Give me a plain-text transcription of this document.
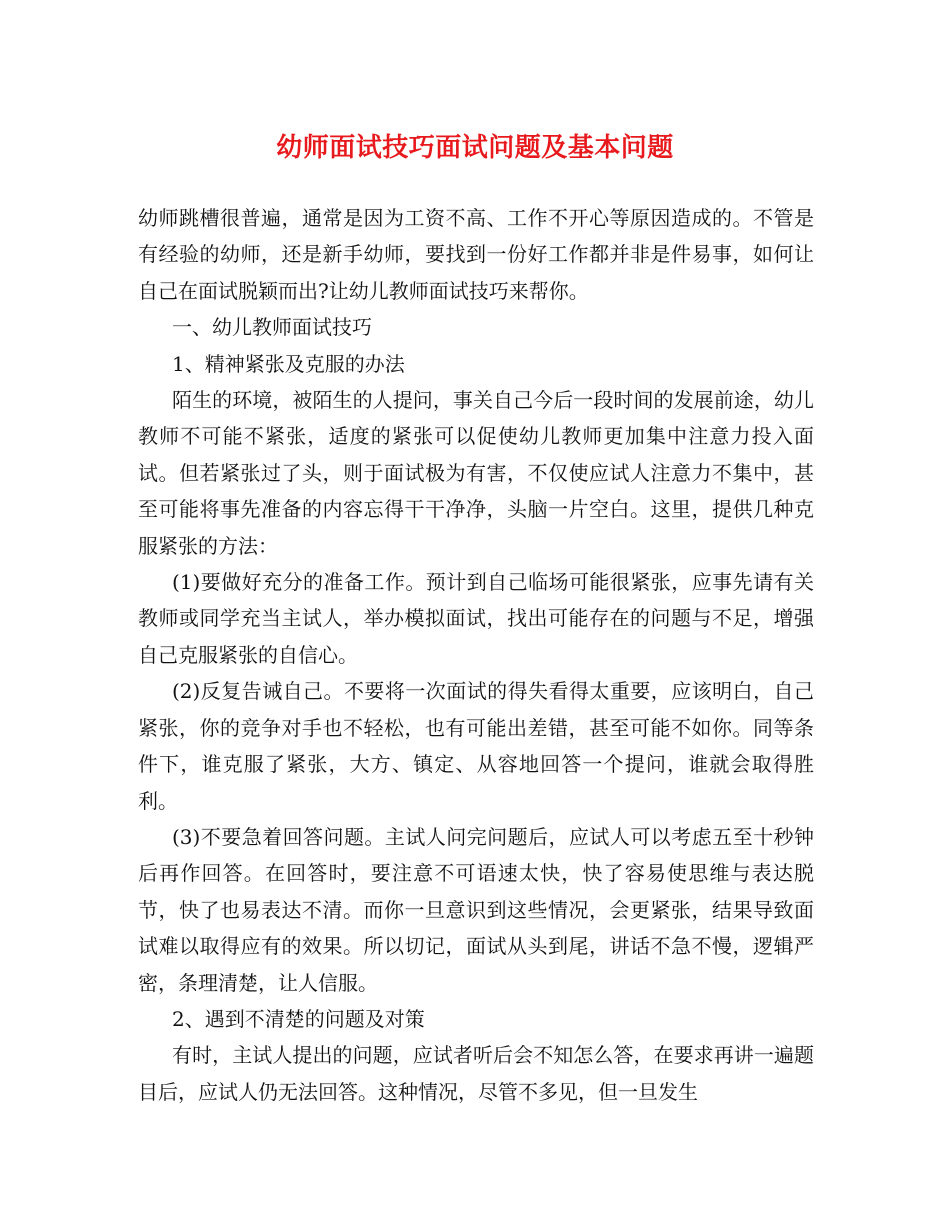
幼师面试技巧面试问题及基本问题

幼师跳槽很普遍，通常是因为工资不高、工作不开心等原因造成的。不管是有经验的幼师，还是新手幼师，要找到一份好工作都并非是件易事，如何让自己在面试脱颖而出?让幼儿教师面试技巧来帮你。

一、幼儿教师面试技巧

1、精神紧张及克服的办法

陌生的环境，被陌生的人提问，事关自己今后一段时间的发展前途，幼儿教师不可能不紧张，适度的紧张可以促使幼儿教师更加集中注意力投入面试。但若紧张过了头，则于面试极为有害，不仅使应试人注意力不集中，甚至可能将事先准备的内容忘得干干净净，头脑一片空白。这里，提供几种克服紧张的方法：

(1)要做好充分的准备工作。预计到自己临场可能很紧张，应事先请有关教师或同学充当主试人，举办模拟面试，找出可能存在的问题与不足，增强自己克服紧张的自信心。

(2)反复告诫自己。不要将一次面试的得失看得太重要，应该明白，自己紧张，你的竞争对手也不轻松，也有可能出差错，甚至可能不如你。同等条件下，谁克服了紧张，大方、镇定、从容地回答一个提问，谁就会取得胜利。

(3)不要急着回答问题。主试人问完问题后，应试人可以考虑五至十秒钟后再作回答。在回答时，要注意不可语速太快，快了容易使思维与表达脱节，快了也易表达不清。而你一旦意识到这些情况，会更紧张，结果导致面试难以取得应有的效果。所以切记，面试从头到尾，讲话不急不慢，逻辑严密，条理清楚，让人信服。

2、遇到不清楚的问题及对策

有时，主试人提出的问题，应试者听后会不知怎么答，在要求再讲一遍题目后，应试人仍无法回答。这种情况，尽管不多见，但一旦发生
